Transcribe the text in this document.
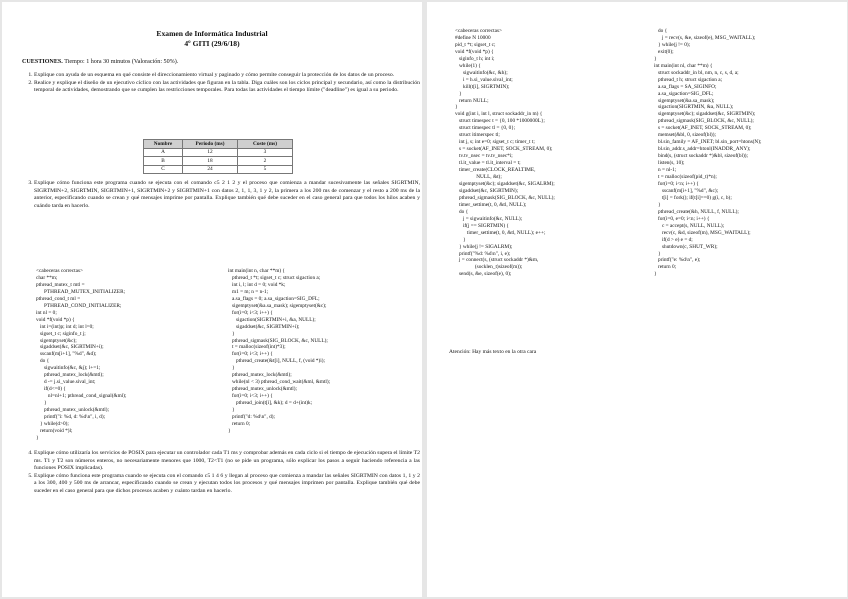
Examen de Informática Industrial
4º GITI (29/6/18)
CUESTIONES. Tiempo: 1 hora 30 minutos (Valoración: 50%).
1. Explique con ayuda de un esquema en qué consiste el direccionamiento virtual y paginado y cómo permite conseguir la protección de los datos de un proceso.
2. Realice y explique el diseño de un ejecutivo cíclico con las actividades que figuran en la tabla. Diga cuáles son los ciclos principal y secundario, así como la distribución temporal de actividades, demostrando que se cumplen las restricciones temporales. Para todas las actividades el tiempo límite ("deadline") es igual a su periodo.
Nombre	Periodo (ms)	Coste (ms)
A	12	3
B	18	2
C	24	5
3. Explique cómo funciona este programa cuando se ejecuta con el comando c5 2 1 2 y el proceso que comienza a mandar sucesivamente las señales SIGRTMIN, SIGRTMIN+2, SIGRTMIN, SIGRTMIN+1, SIGRTMIN+2 y SIGRTMIN+1 con datos 2, 1, 1, 3, 1 y 2, la primera a los 200 ms de comenzar y el resto a 200 ms de la anterior, especificando cuando se crean y qué mensajes imprime por pantalla. Explique también qué debe suceder en el caso general para que todos los hilos acaben y cuándo tarda en hacerlo.
<cabeceras correctas>
char **m;
pthread_mutex_t mtl =
PTHREAD_MUTEX_INITIALIZER;
pthread_cond_t ml =
PTHREAD_COND_INITIALIZER;
int nl = 0;
void *f(void *p) {
int i=(int)p; int d; int l=0;
sigset_t c; siginfo_t j;
sigemptyset(&c);
sigaddset(&c, SIGRTMIN+i);
sscanf(m[i+1], "%d", &d);
do {
sigwaitinfo(&c, &j); l+=1;
pthread_mutex_lock(&mtl);
d -= j.si_value.sival_int;
if(d<=0) {
nl=nl+1; pthread_cond_signal(&ml);
}
pthread_mutex_unlock(&mtl);
printf("i: %d, d: %d\n", i, d);
} while(d>0);
return(void *)l;
}
int main(int n, char **m) {
pthread_t *t; sigset_t c; struct sigaction a;
int i, l; int d = 0; void *k;
m1 = m; n = n-1;
a.sa_flags = 0; a.sa_sigaction=SIG_DFL;
sigemptyset(&a.sa_mask); sigemptyset(&c);
for(i=0; i<3; i++) {
sigaction(SIGRTMIN+i, &a, NULL);
sigaddset(&c, SIGRTMIN+i);
}
pthread_sigmask(SIG_BLOCK, &c, NULL);
t = malloc(sizeof(int)*3);
for(i=0; i<3; i++) {
pthread_create(&t[i], NULL, f, (void *)i);
}
pthread_mutex_lock(&mtl);
while(nl < 3) pthread_cond_wait(&ml, &mtl);
pthread_mutex_unlock(&mtl);
for(i=0; i<3; i++) {
pthread_join(t[i], &k); d = d+(int)k;
}
printf("d: %d\n", d);
return 0;
}
4. Explique cómo utilizaría los servicios de POSIX para ejecutar un controlador cada T1 ms y comprobar además en cada ciclo si el tiempo de ejecución supera el límite T2 ms. T1 y T2 son números enteros, no necesariamente menores que 1000, T2<T1 (no se pide un programa, sólo explicar los pasos a seguir haciendo referencia a las funciones POSIX implicadas).
5. Explique cómo funciona este programa cuando se ejecuta con el comando c5 1 4 6 y llegan al proceso que comienza a mandar las señales SIGRTMIN con datos 1, 1 y 2 a los 300, 400 y 500 ms de arrancar, especificando cuando se crean y ejecutan todos los procesos y qué mensajes imprimen por pantalla. Explique también qué debe suceder en el caso general para que dichos procesos acaben y cuánto tardan en hacerlo.
<cabeceras correctas>
#define N 10000
pid_t *t; sigset_t c;
void *f(void *p) {
siginfo_t h; int i;
while(1) {
sigwaitinfo(&c, &h);
i = h.si_value.sival_int;
kill(t[i], SIGRTMIN);
}
return NULL;
}
void g(int i, int l, struct sockaddr_in m) {
struct timespec t = {0, 100 *1000000L};
struct timespec tl = {0, 0};
struct itimerspec tl;
int j, s; int e=0; sigset_t c; timer_t t;
s = socket(AF_INET, SOCK_STREAM, 0);
tv.tv_nsec = tv.tv_nsec*i;
tl.it_value = tl.it_interval = t;
timer_create(CLOCK_REALTIME,
NULL, &t);
sigemptyset(&c); sigaddset(&c, SIGALRM);
sigaddset(&c, SIGRTMIN);
pthread_sigmask(SIG_BLOCK, &c, NULL);
timer_settime(t, 0, &tl, NULL);
do {
j = sigwaitinfo(&c, NULL);
if(j == SIGRTMIN) {
timer_settime(t, 0, &tl, NULL); e++;
}
} while(j != SIGALRM);
printf("%d: %d\n", i, e);
j = connect(s, (struct sockaddr *)&m,
(socklen_t)sizeof(m));
send(s, &e, sizeof(e), 0);
do {
j = recv(s, &e, sizeof(e), MSG_WAITALL);
} while(j != 0);
exit(0);
}
int main(int nl, char **m) {
struct sockaddr_in bl, nm, n, c, s, d, a;
pthread_t h; struct sigaction a;
a.sa_flags = SA_SIGINFO;
a.sa_sigaction=SIG_DFL;
sigemptyset(&a.sa_mask);
sigaction(SIGRTMIN, &a, NULL);
sigemptyset(&c); sigaddset(&c, SIGRTMIN);
pthread_sigmask(SIG_BLOCK, &c, NULL);
s = socket(AF_INET, SOCK_STREAM, 0);
memset(&bl, 0, sizeof(bl));
bl.sin_family = AF_INET; bl.sin_port=htons(N);
bl.sin_addr.s_addr=htonl(INADDR_ANY);
bind(s, (struct sockaddr *)&bl, sizeof(bl));
listen(s, 10);
n = nl-1;
t = malloc(sizeof(pid_t)*n);
for(i=0; i<n; i++) {
sscanf(m[i+1], "%d", &c);
t[i] = fork(); if(t[i]==0) g(i, c, b);
}
pthread_create(&h, NULL, f, NULL);
for(i=0, e=0; i<n; i++) {
c = accept(s, NULL, NULL);
recv(c, &d, sizeof(m), MSG_WAITALL);
if(d > e) e = d;
shutdown(c, SHUT_WR);
}
printf("e: %d\n", e);
return 0;
}
Atención: Hay más texto en la otra cara
